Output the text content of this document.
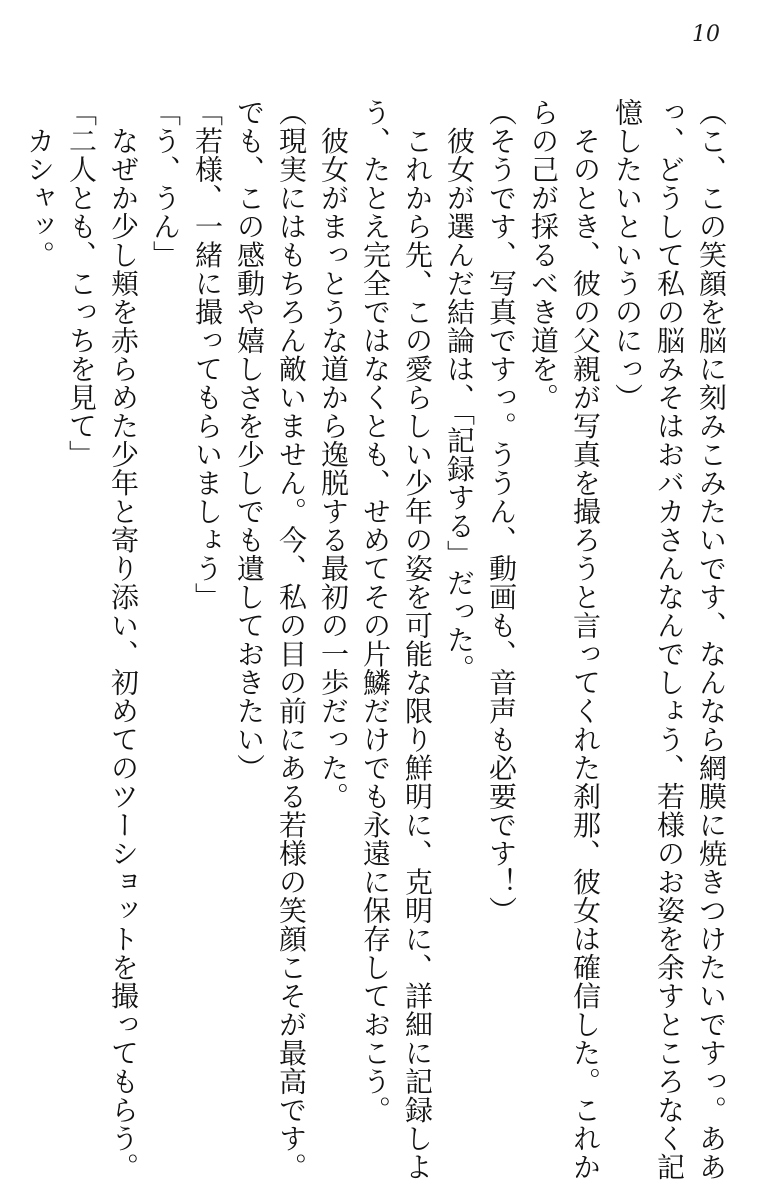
10
（こ、この笑顔を脳に刻みこみたいです、なんなら網膜に焼きつけたいですっ。ああ
っ、どうして私の脳みそはおバカさんなんでしょう、若様のお姿を余すところなく記
憶したいというのにっ）
　そのとき、彼の父親が写真を撮ろうと言ってくれた刹那、彼女は確信した。これか
らの己が採るべき道を。
（そうです、写真ですっ。ううん、動画も、音声も必要です！）
　彼女が選んだ結論は、「記録する」だった。
　これから先、この愛らしい少年の姿を可能な限り鮮明に、克明に、詳細に記録しよ
う、たとえ完全ではなくとも、せめてその片鱗だけでも永遠に保存しておこう。
　彼女がまっとうな道から逸脱する最初の一歩だった。
（現実にはもちろん敵いません。今、私の目の前にある若様の笑顔こそが最高です。
でも、この感動や嬉しさを少しでも遺しておきたい）
「若様、一緒に撮ってもらいましょう」
「う、うん」
　なぜか少し頬を赤らめた少年と寄り添い、初めてのツーショットを撮ってもらう。
「二人とも、こっちを見て」
　カシャッ。
